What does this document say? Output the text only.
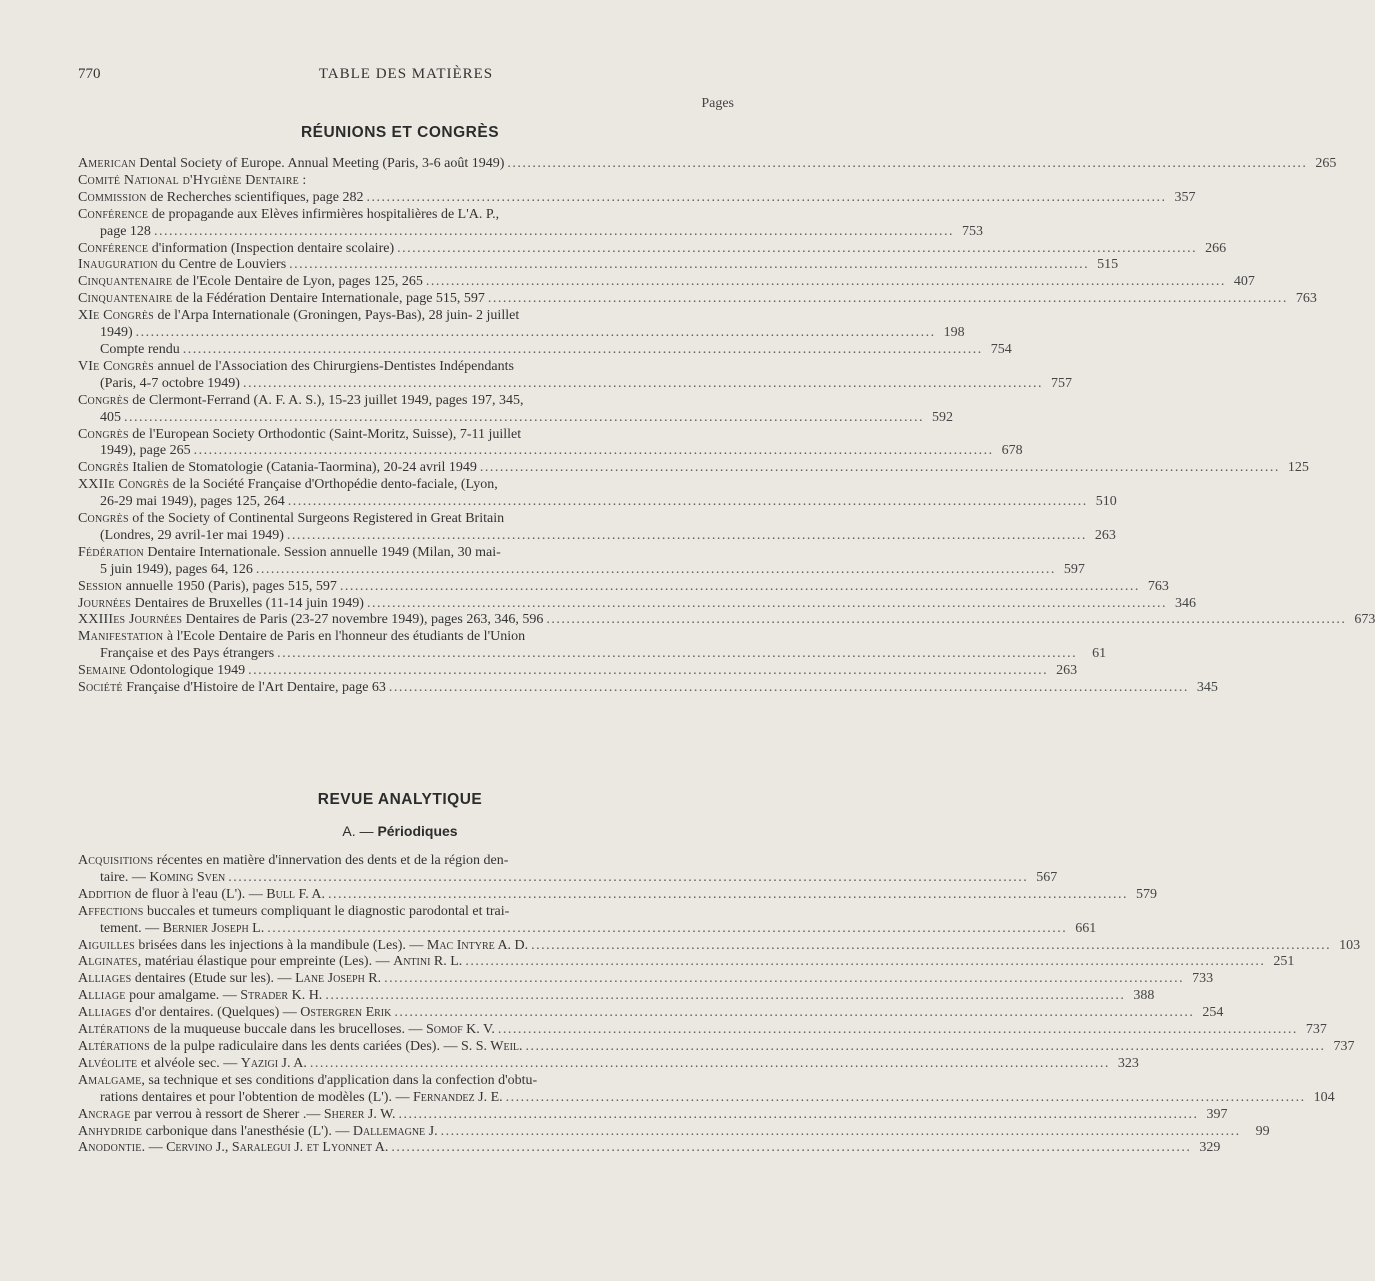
770	TABLE DES MATIÈRES
Pages
RÉUNIONS ET CONGRÈS
American Dental Society of Europe. Annual Meeting (Paris, 3-6 août 1949) ................................................................................................................................................................ 265
Comité National d'Hygiène Dentaire :
Commission de Recherches scientifiques, page 282 ................................................................................................................................................................ 357
Conférence de propagande aux Elèves infirmières hospitalières de L'A. P.,
page 128 ................................................................................................................................................................ 753
Conférence d'information (Inspection dentaire scolaire) ................................................................................................................................................................ 266
Inauguration du Centre de Louviers ................................................................................................................................................................ 515
Cinquantenaire de l'Ecole Dentaire de Lyon, pages 125, 265 ................................................................................................................................................................ 407
Cinquantenaire de la Fédération Dentaire Internationale, page 515, 597 ................................................................................................................................................................ 763
XIe Congrès de l'Arpa Internationale (Groningen, Pays-Bas), 28 juin- 2 juillet
1949) ................................................................................................................................................................ 198
Compte rendu ................................................................................................................................................................ 754
VIe Congrès annuel de l'Association des Chirurgiens-Dentistes Indépendants
(Paris, 4-7 octobre 1949) ................................................................................................................................................................ 757
Congrès de Clermont-Ferrand (A. F. A. S.), 15-23 juillet 1949, pages 197, 345,
405 ................................................................................................................................................................ 592
Congrès de l'European Society Orthodontic (Saint-Moritz, Suisse), 7-11 juillet
1949), page 265 ................................................................................................................................................................ 678
Congrès Italien de Stomatologie (Catania-Taormina), 20-24 avril 1949 ................................................................................................................................................................ 125
XXIIe Congrès de la Société Française d'Orthopédie dento-faciale, (Lyon,
26-29 mai 1949), pages 125, 264 ................................................................................................................................................................ 510
Congrès of the Society of Continental Surgeons Registered in Great Britain
(Londres, 29 avril-1er mai 1949) ................................................................................................................................................................ 263
Fédération Dentaire Internationale. Session annuelle 1949 (Milan, 30 mai-
5 juin 1949), pages 64, 126 ................................................................................................................................................................ 597
Session annuelle 1950 (Paris), pages 515, 597 ................................................................................................................................................................ 763
Journées Dentaires de Bruxelles (11-14 juin 1949) ................................................................................................................................................................ 346
XXIIIes Journées Dentaires de Paris (23-27 novembre 1949), pages 263, 346, 596 ................................................................................................................................................................ 673
Manifestation à l'Ecole Dentaire de Paris en l'honneur des étudiants de l'Union
Française et des Pays étrangers ................................................................................................................................................................	61
Semaine Odontologique 1949 ................................................................................................................................................................ 263
Société Française d'Histoire de l'Art Dentaire, page 63 ................................................................................................................................................................ 345
REVUE ANALYTIQUE
A. — Périodiques
Acquisitions récentes en matière d'innervation des dents et de la région den-
taire. — Koming Sven ................................................................................................................................................................ 567
Addition de fluor à l'eau (L'). — Bull F. A. ................................................................................................................................................................ 579
Affections buccales et tumeurs compliquant le diagnostic parodontal et trai-
tement. — Bernier Joseph L. ................................................................................................................................................................ 661
Aiguilles brisées dans les injections à la mandibule (Les). — Mac Intyre A. D. ................................................................................................................................................................ 103
Alginates, matériau élastique pour empreinte (Les). — Antini R. L. ................................................................................................................................................................ 251
Alliages dentaires (Etude sur les). — Lane Joseph R. ................................................................................................................................................................ 733
Alliage pour amalgame. — Strader K. H. ................................................................................................................................................................ 388
Alliages d'or dentaires. (Quelques) — Ostergren Erik ................................................................................................................................................................ 254
Altérations de la muqueuse buccale dans les brucelloses. — Somof K. V. ................................................................................................................................................................ 737
Altérations de la pulpe radiculaire dans les dents cariées (Des). — S. S. Weil. ................................................................................................................................................................ 737
Alvéolite et alvéole sec. — Yazigi J. A. ................................................................................................................................................................ 323
Amalgame, sa technique et ses conditions d'application dans la confection d'obtu-
rations dentaires et pour l'obtention de modèles (L'). — Fernandez J. E. ................................................................................................................................................................ 104
Ancrage par verrou à ressort de Sherer .— Sherer J. W. ................................................................................................................................................................ 397
Anhydride carbonique dans l'anesthésie (L'). — Dallemagne J. ................................................................................................................................................................	99
Anodontie. — Cervino J., Saralegui J. et Lyonnet A. ................................................................................................................................................................ 329
